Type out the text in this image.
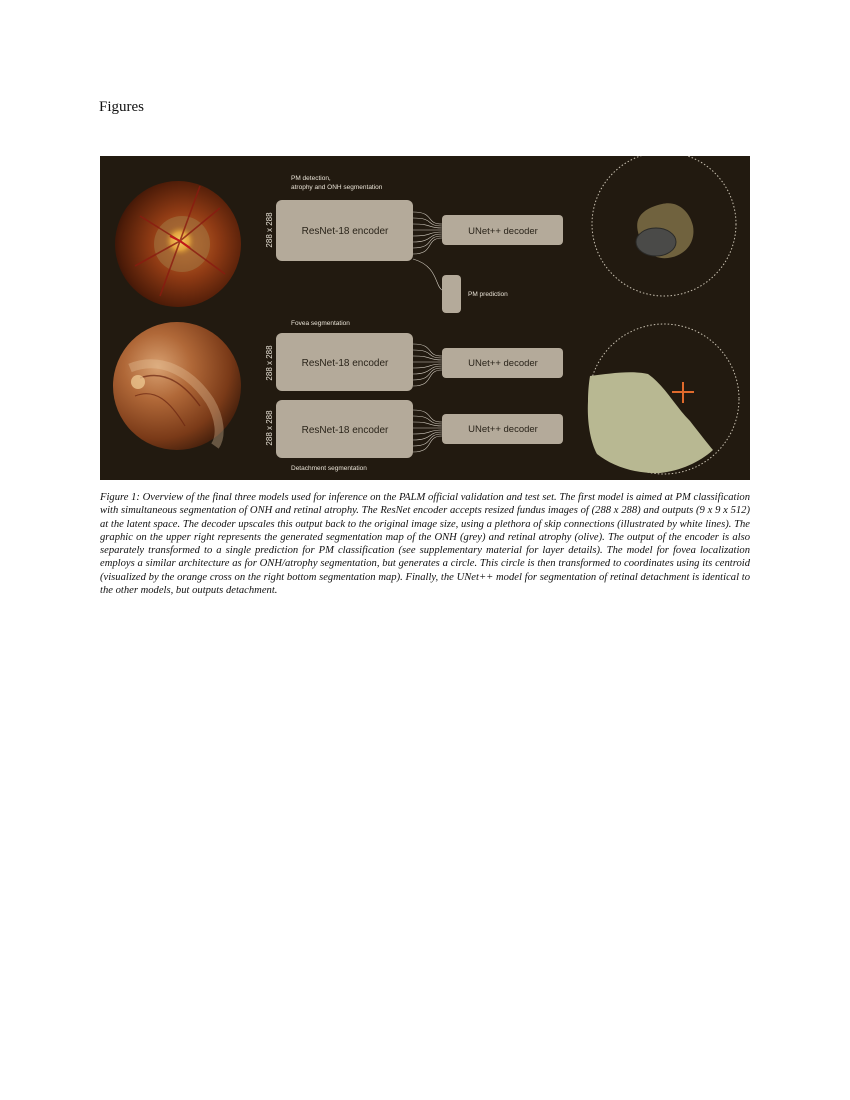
Figures
PM detection,
atrophy and ONH segmentation
288 x 288	ResNet-18 encoder	UNet++ decoder
PM prediction
Fovea segmentation
288 x 288	ResNet-18 encoder	UNet++ decoder
288 x 288	ResNet-18 encoder	UNet++ decoder
Detachment segmentation

Figure 1: Overview of the final three models used for inference on the PALM official validation and test set. The first model is aimed at PM classification with simultaneous segmentation of ONH and retinal atrophy. The ResNet encoder accepts resized fundus images of (288 x 288) and outputs (9 x 9 x 512) at the latent space. The decoder upscales this output back to the original image size, using a plethora of skip connections (illustrated by white lines). The graphic on the upper right represents the generated segmentation map of the ONH (grey) and retinal atrophy (olive). The output of the encoder is also separately transformed to a single prediction for PM classification (see supplementary material for layer details). The model for fovea localization employs a similar architecture as for ONH/atrophy segmentation, but generates a circle. This circle is then transformed to coordinates using its centroid (visualized by the orange cross on the right bottom segmentation map). Finally, the UNet++ model for segmentation of retinal detachment is identical to the other models, but outputs detachment.
